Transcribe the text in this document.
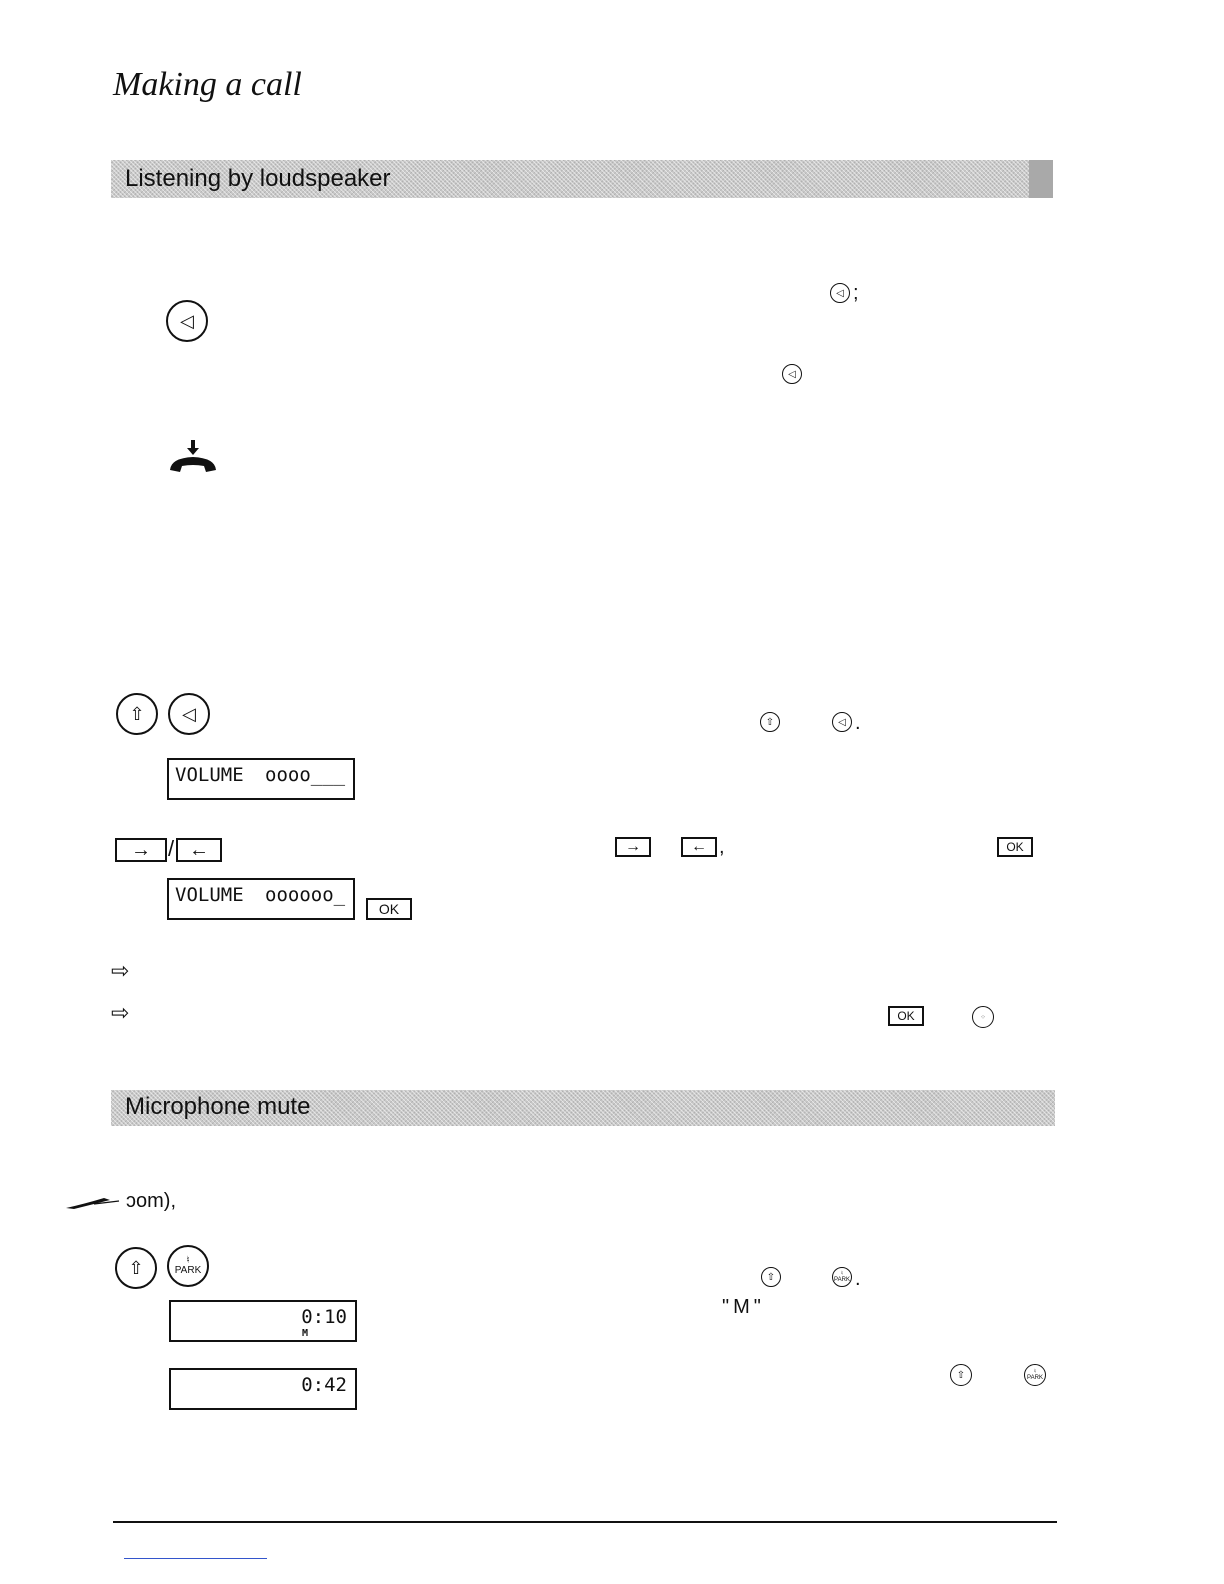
Making a call
Listening by loudspeaker
◁
◁ ;
◁
⇧ ◁	⇧	◁ .
VOLUME oooo___
→ / ←	→	← ,	OK
VOLUME oooooo_
OK
⇨
⇨	OK	⁘
Microphone mute
ɔom),
⇧	♮
PARK
⇧	♮
PARK .
"M"
0:10
M
0:42	⇧	♮
PARK
